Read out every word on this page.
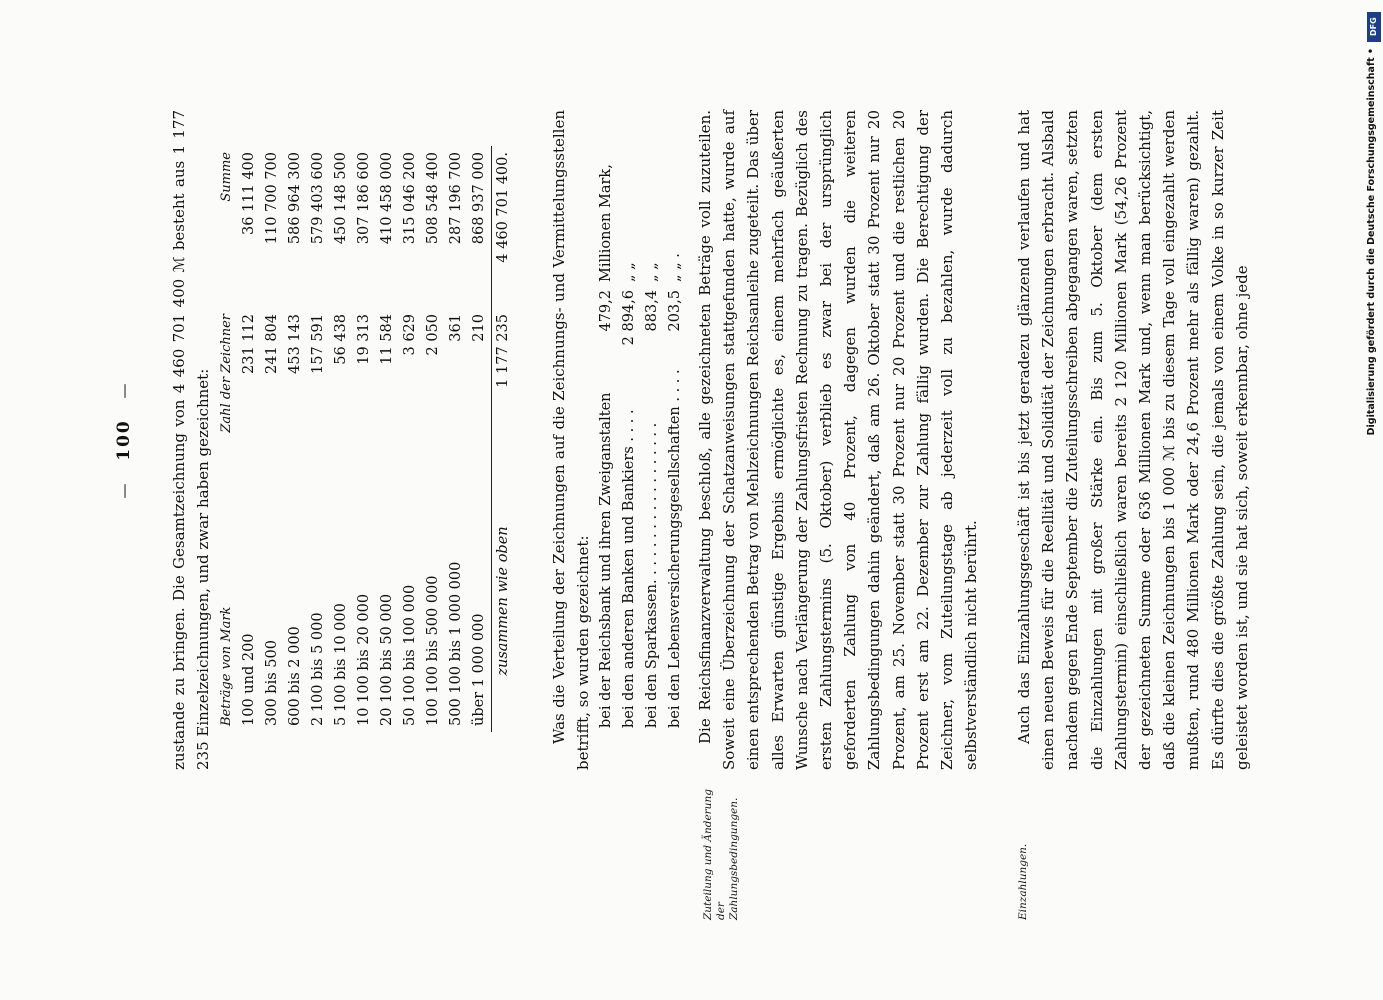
— 100 — zustande zu bringen. Die Gesamtzeichnung von 4 460 701 400 ℳ besteht aus 1 177 235 Einzelzeichnungen, und zwar haben gezeichnet: Beträge von Mark	Zahl der Zeichner	Summe
100 und 200	231 112	36 111 400
300 bis 500	241 804	110 700 700
600 bis 2 000	453 143	586 964 300
2 100 bis 5 000	157 591	579 403 600
5 100 bis 10 000	56 438	450 148 500
10 100 bis 20 000	19 313	307 186 600
20 100 bis 50 000	11 584	410 458 000
50 100 bis 100 000	3 629	315 046 200
100 100 bis 500 000	2 050	508 548 400
500 100 bis 1 000 000	361	287 196 700
über 1 000 000	210	868 937 000
zusammen wie oben	1 177 235	4 460 701 400.	Was die Verteilung der Zeichnungen auf die Zeichnungs- und Vermittelungsstellen betrifft, so wurden gezeichnet: bei der Reichsbank und ihren Zweiganstalten	479,2	Millionen Mark,
bei den anderen Banken und Bankiers . . . .	2 894,6	„ „
bei den Sparkassen. . . . . . . . . . . . . . . . . .	883,4	„ „
bei den Lebensversicherungsgesellschaften . . . .	203,5	„ „ . Die Reichsfinanzverwaltung beschloß, alle gezeichneten Beträge voll zuzuteilen. Soweit eine Überzeichnung der Schatzanweisungen stattgefunden hatte, wurde auf einen entsprechenden Betrag von Mehlzeichnungen Reichsanleihe zugeteilt. Das über alles Erwarten günstige Ergebnis ermöglichte es, einem mehrfach geäußerten Wunsche nach Verlängerung der Zahlungsfristen Rechnung zu tragen. Bezüglich des ersten Zahlungstermins (5. Oktober) verblieb es zwar bei der ursprünglich geforderten Zahlung von 40 Prozent, dagegen wurden die weiteren Zahlungsbedingungen dahin geändert, daß am 26. Oktober statt 30 Prozent nur 20 Prozent, am 25. November statt 30 Prozent nur 20 Prozent und die restlichen 20 Prozent erst am 22. Dezember zur Zahlung fällig wurden. Die Berechtigung der Zeichner, vom Zuteilungstage ab jederzeit voll zu bezahlen, wurde dadurch selbstverständlich nicht berührt. Auch das Einzahlungsgeschäft ist bis jetzt geradezu glänzend verlaufen und hat einen neuen Beweis für die Reellität und Solidität der Zeichnungen erbracht. Alsbald nachdem gegen Ende September die Zuteilungsschreiben abgegangen waren, setzten die Einzahlungen mit großer Stärke ein. Bis zum 5. Oktober (dem ersten Zahlungstermin) einschließlich waren bereits 2 120 Millionen Mark (54,26 Prozent der gezeichneten Summe oder 636 Millionen Mark und, wenn man berücksichtigt, daß die kleinen Zeichnungen bis 1 000 ℳ bis zu diesem Tage voll eingezahlt werden mußten, rund 480 Millionen Mark oder 24,6 Prozent mehr als fällig waren) gezahlt. Es dürfte dies die größte Zahlung sein, die jemals von einem Volke in so kurzer Zeit geleistet worden ist, und sie hat sich, soweit erkennbar, ohne jede
Zuteilung und Änderung der Zahlungsbedingungen.	Einzahlungen.
DFG
Digitalisierung gefördert durch die Deutsche Forschungsgemeinschaft •
